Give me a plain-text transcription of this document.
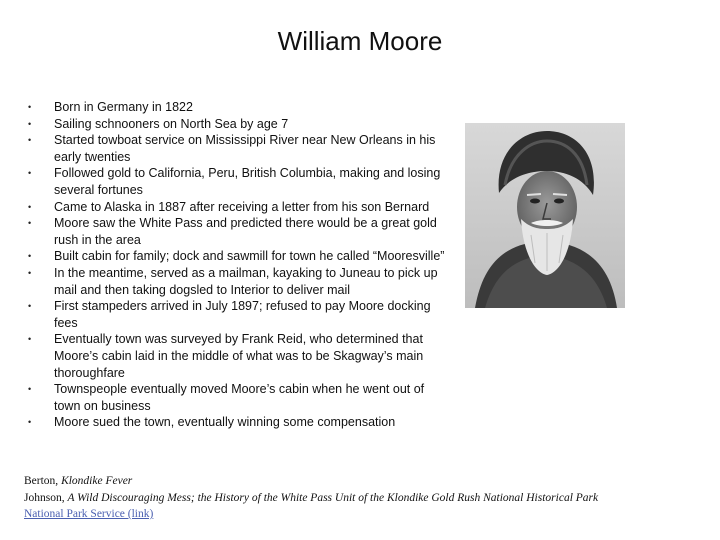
William Moore
• Born in Germany in 1822
• Sailing schnooners on North Sea by age 7
• Started towboat service on Mississippi River near New Orleans in his early twenties
• Followed gold to California, Peru, British Columbia, making and losing several fortunes
• Came to Alaska in 1887 after receiving a letter from his son Bernard
• Moore saw the White Pass and predicted there would be a great gold rush in the area
• Built cabin for family; dock and sawmill for town he called “Mooresville”
• In the meantime, served as a mailman, kayaking to Juneau to pick up mail and then taking dogsled to Interior to deliver mail
• First stampeders arrived in July 1897; refused to pay Moore docking fees
• Eventually town was surveyed by Frank Reid, who determined that Moore’s cabin laid in the middle of what was to be Skagway’s main thoroughfare
• Townspeople eventually moved Moore’s cabin when he went out of town on business
• Moore sued the town, eventually winning some compensation
Berton, Klondike Fever
Johnson, A Wild Discouraging Mess; the History of the White Pass Unit of the Klondike Gold Rush National Historical Park
National Park Service (link)
